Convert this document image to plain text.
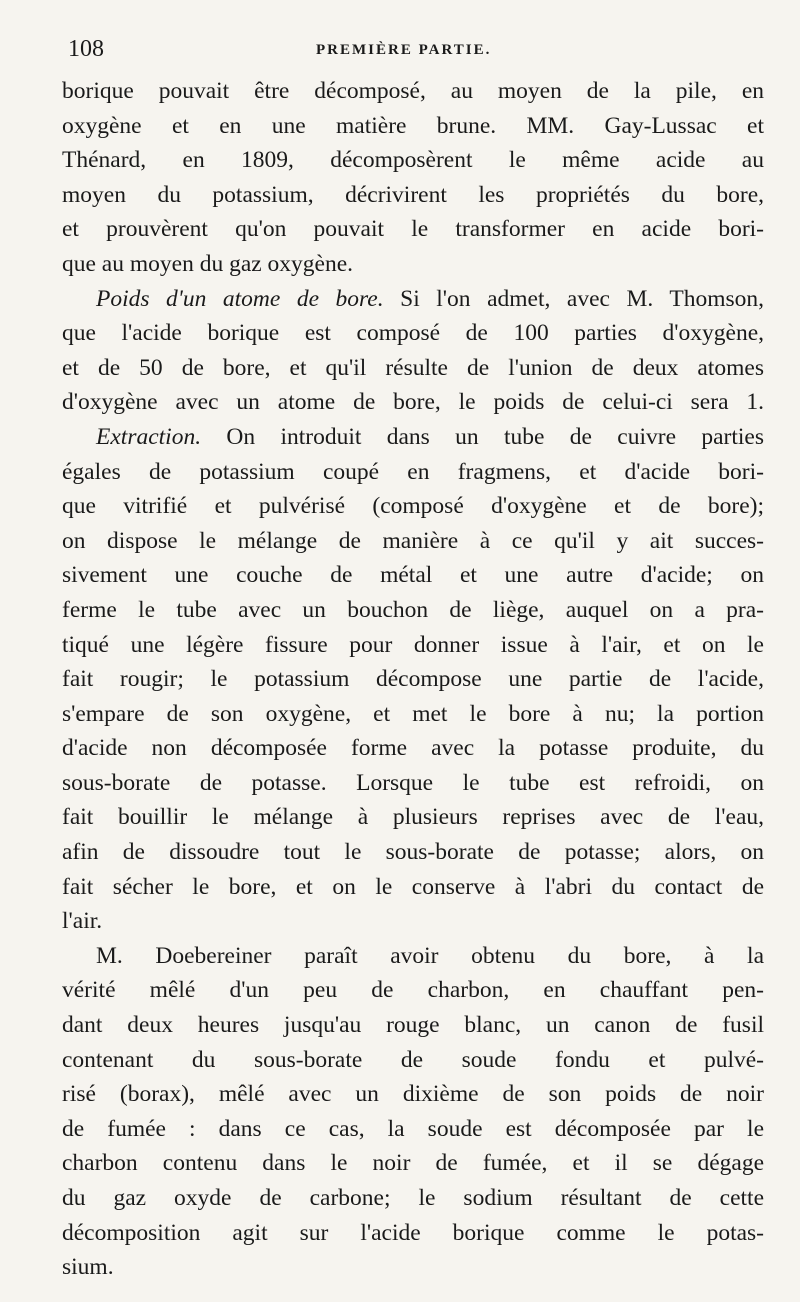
108	PREMIÈRE PARTIE.
borique pouvait être décomposé, au moyen de la pile, en
oxygène et en une matière brune. MM. Gay-Lussac et
Thénard, en 1809, décomposèrent le même acide au
moyen du potassium, décrivirent les propriétés du bore,
et prouvèrent qu'on pouvait le transformer en acide bori-
que au moyen du gaz oxygène.
Poids d'un atome de bore. Si l'on admet, avec M. Thomson,
que l'acide borique est composé de 100 parties d'oxygène,
et de 50 de bore, et qu'il résulte de l'union de deux atomes
d'oxygène avec un atome de bore, le poids de celui-ci sera 1.
Extraction. On introduit dans un tube de cuivre parties
égales de potassium coupé en fragmens, et d'acide bori-
que vitrifié et pulvérisé (composé d'oxygène et de bore);
on dispose le mélange de manière à ce qu'il y ait succes-
sivement une couche de métal et une autre d'acide; on
ferme le tube avec un bouchon de liège, auquel on a pra-
tiqué une légère fissure pour donner issue à l'air, et on le
fait rougir; le potassium décompose une partie de l'acide,
s'empare de son oxygène, et met le bore à nu; la portion
d'acide non décomposée forme avec la potasse produite, du
sous-borate de potasse. Lorsque le tube est refroidi, on
fait bouillir le mélange à plusieurs reprises avec de l'eau,
afin de dissoudre tout le sous-borate de potasse; alors, on
fait sécher le bore, et on le conserve à l'abri du contact de
l'air.
M. Doebereiner paraît avoir obtenu du bore, à la
vérité mêlé d'un peu de charbon, en chauffant pen-
dant deux heures jusqu'au rouge blanc, un canon de fusil
contenant du sous-borate de soude fondu et pulvé-
risé (borax), mêlé avec un dixième de son poids de noir
de fumée : dans ce cas, la soude est décomposée par le
charbon contenu dans le noir de fumée, et il se dégage
du gaz oxyde de carbone; le sodium résultant de cette
décomposition agit sur l'acide borique comme le potas-
sium.
